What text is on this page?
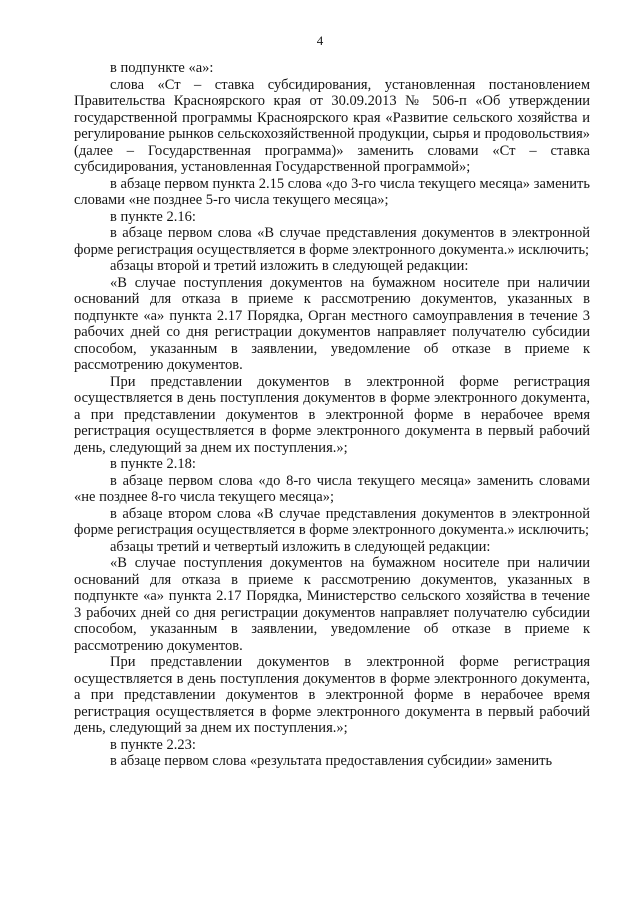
4

в подпункте «а»:

слова «Ст – ставка субсидирования, установленная постановлением Правительства Красноярского края от 30.09.2013 № 506-п «Об утверждении государственной программы Красноярского края «Развитие сельского хозяйства и регулирование рынков сельскохозяйственной продукции, сырья и продовольствия» (далее – Государственная программа)» заменить словами «Ст – ставка субсидирования, установленная Государственной программой»;

в абзаце первом пункта 2.15 слова «до 3-го числа текущего месяца» заменить словами «не позднее 5-го числа текущего месяца»;

в пункте 2.16:

в абзаце первом слова «В случае представления документов в электронной форме регистрация осуществляется в форме электронного документа.» исключить;

абзацы второй и третий изложить в следующей редакции:

«В случае поступления документов на бумажном носителе при наличии оснований для отказа в приеме к рассмотрению документов, указанных в подпункте «а» пункта 2.17 Порядка, Орган местного самоуправления в течение 3 рабочих дней со дня регистрации документов направляет получателю субсидии способом, указанным в заявлении, уведомление об отказе в приеме к рассмотрению документов.

При представлении документов в электронной форме регистрация осуществляется в день поступления документов в форме электронного документа, а при представлении документов в электронной форме в нерабочее время регистрация осуществляется в форме электронного документа в первый рабочий день, следующий за днем их поступления.»;

в пункте 2.18:

в абзаце первом слова «до 8-го числа текущего месяца» заменить словами «не позднее 8-го числа текущего месяца»;

в абзаце втором слова «В случае представления документов в электронной форме регистрация осуществляется в форме электронного документа.» исключить;

абзацы третий и четвертый изложить в следующей редакции:

«В случае поступления документов на бумажном носителе при наличии оснований для отказа в приеме к рассмотрению документов, указанных в подпункте «а» пункта 2.17 Порядка, Министерство сельского хозяйства в течение 3 рабочих дней со дня регистрации документов направляет получателю субсидии способом, указанным в заявлении, уведомление об отказе в приеме к рассмотрению документов.

При представлении документов в электронной форме регистрация осуществляется в день поступления документов в форме электронного документа, а при представлении документов в электронной форме в нерабочее время регистрация осуществляется в форме электронного документа в первый рабочий день, следующий за днем их поступления.»;

в пункте 2.23:

в абзаце первом слова «результата предоставления субсидии» заменить
